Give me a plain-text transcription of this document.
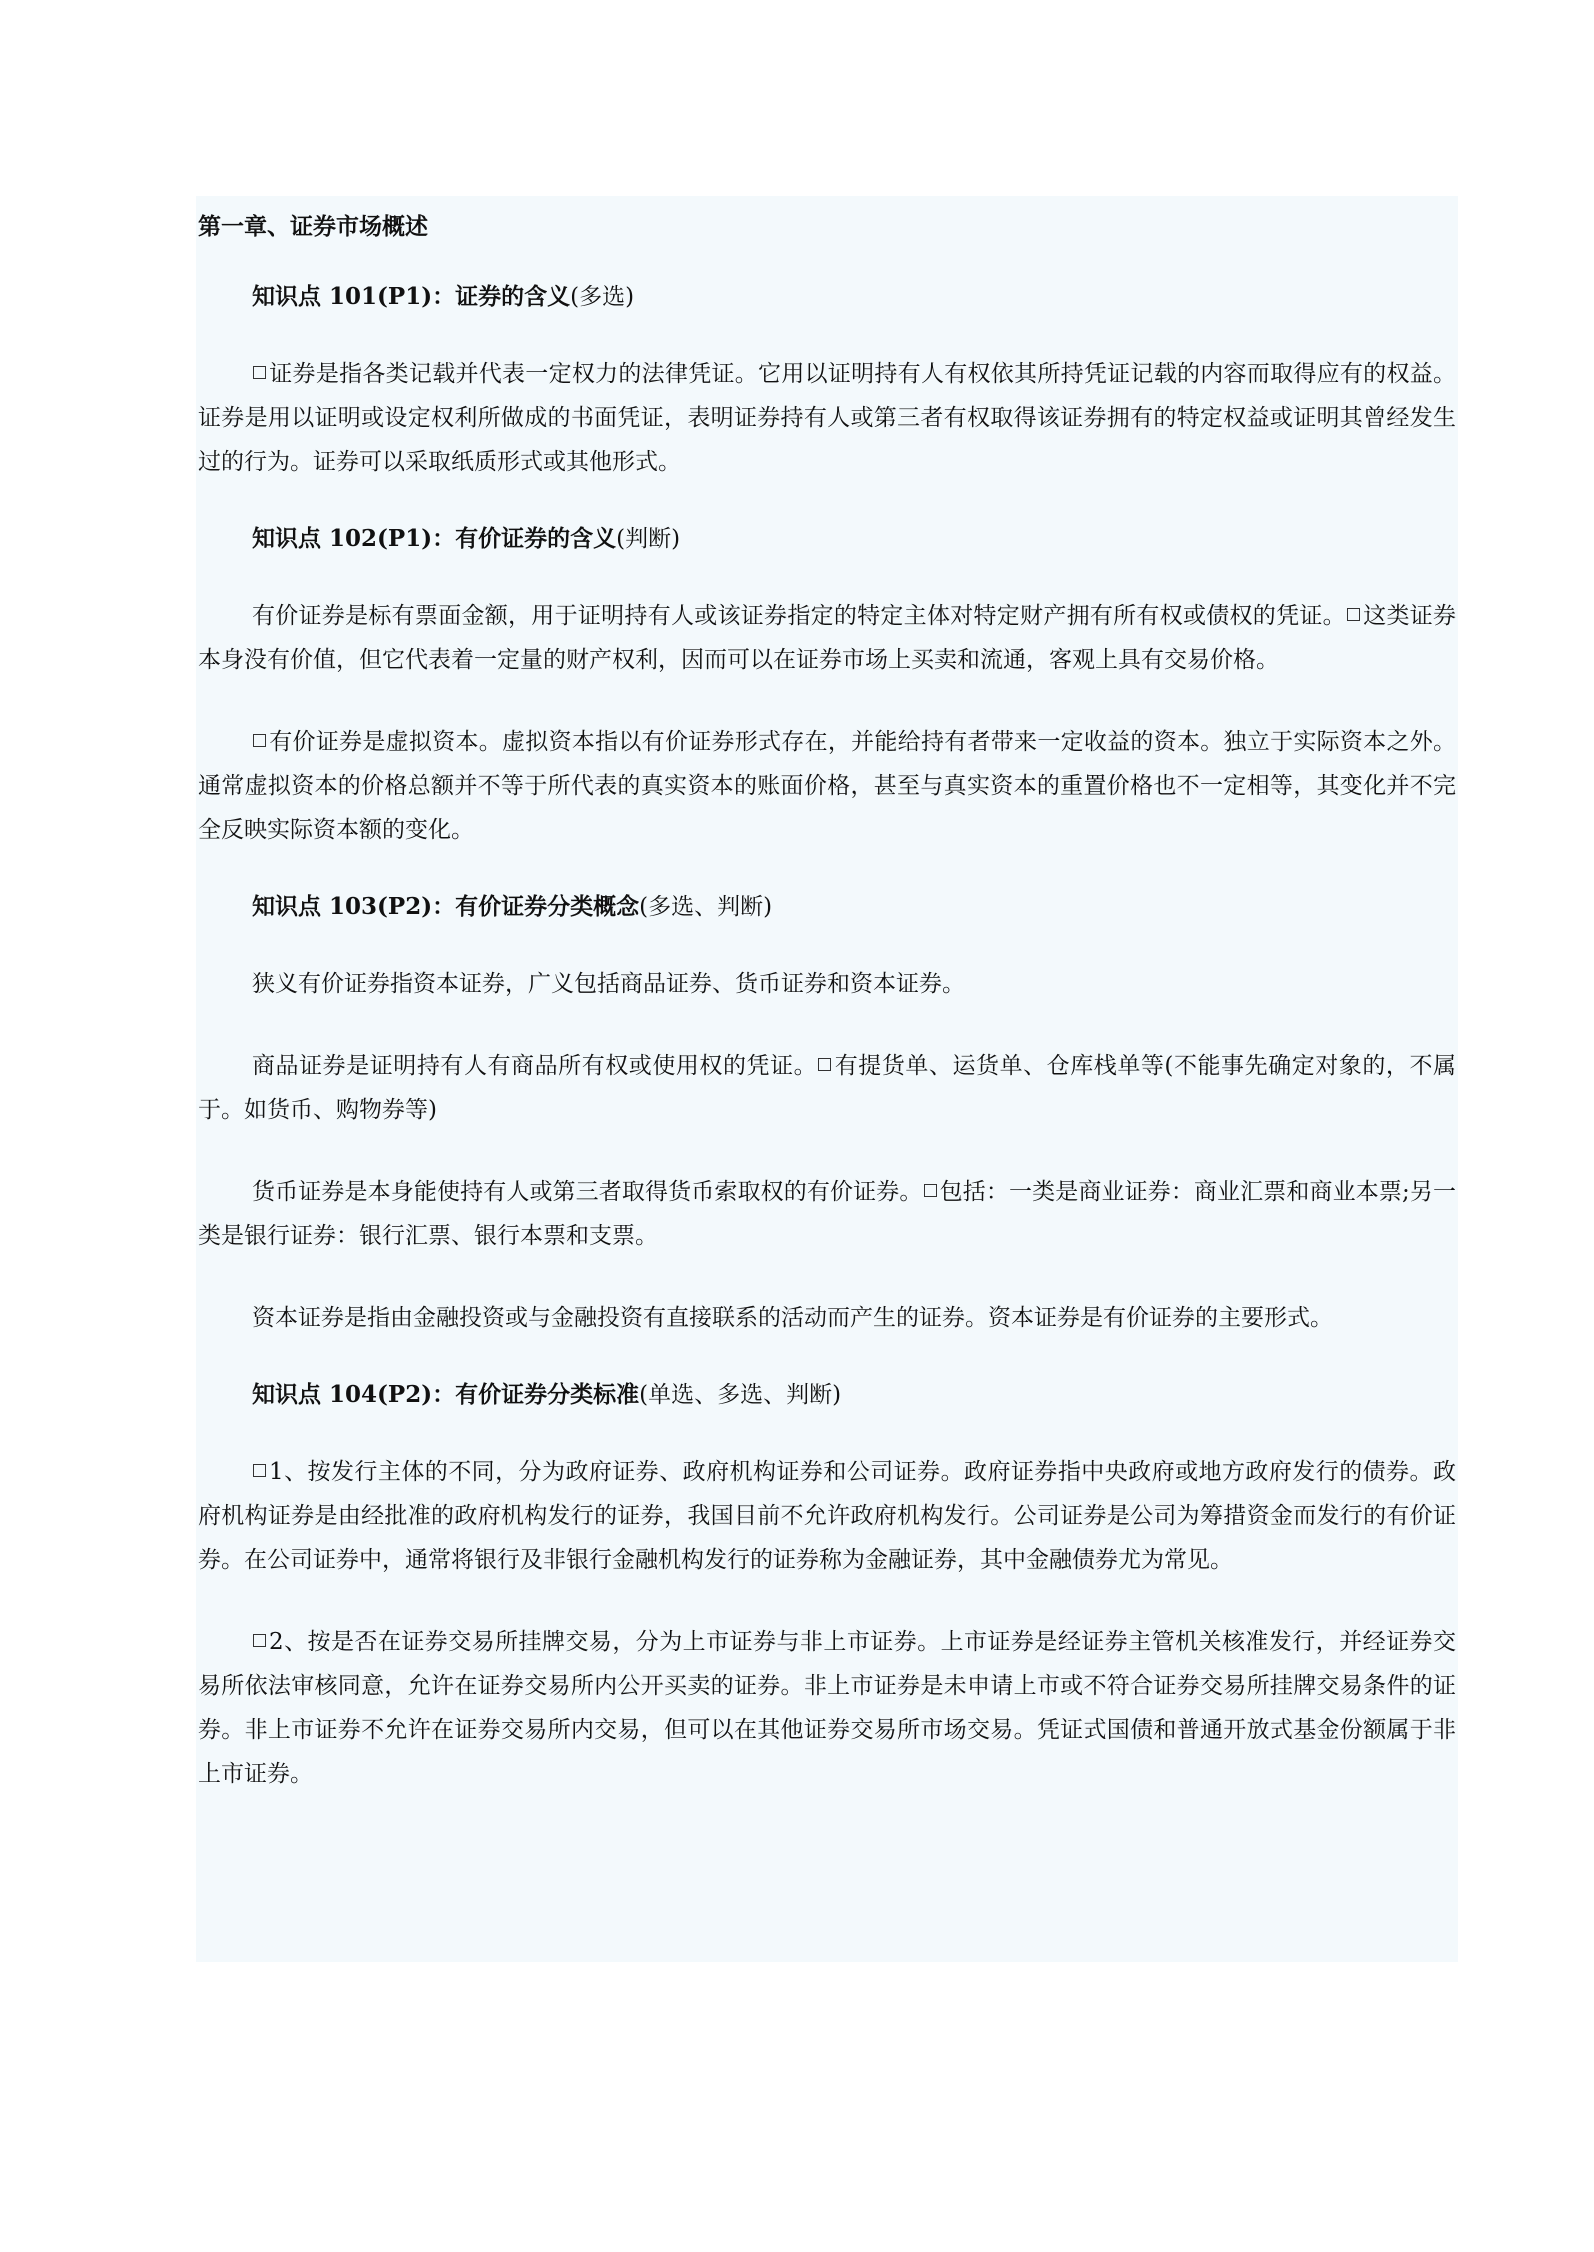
第一章、证券市场概述
知识点 101(P1)：证券的含义(多选)

证券是指各类记载并代表一定权力的法律凭证。它用以证明持有人有权依其所持凭证记载的内容而取得应有的权益。证券是用以证明或设定权利所做成的书面凭证，表明证券持有人或第三者有权取得该证券拥有的特定权益或证明其曾经发生过的行为。证券可以采取纸质形式或其他形式。

知识点 102(P1)：有价证券的含义(判断)

有价证券是标有票面金额，用于证明持有人或该证券指定的特定主体对特定财产拥有所有权或债权的凭证。 这类证券本身没有价值，但它代表着一定量的财产权利，因而可以在证券市场上买卖和流通，客观上具有交易价格。

有价证券是虚拟资本。虚拟资本指以有价证券形式存在，并能给持有者带来一定收益的资本。独立于实际资本之外。通常虚拟资本的价格总额并不等于所代表的真实资本的账面价格，甚至与真实资本的重置价格也不一定相等，其变化并不完全反映实际资本额的变化。

知识点 103(P2)：有价证券分类概念(多选、判断)

狭义有价证券指资本证券，广义包括商品证券、货币证券和资本证券。

商品证券是证明持有人有商品所有权或使用权的凭证。 有提货单、运货单、仓库栈单等(不能事先确定对象的，不属于。如货币、购物券等)

货币证券是本身能使持有人或第三者取得货币索取权的有价证券。 包括：一类是商业证券：商业汇票和商业本票;另一类是银行证券：银行汇票、银行本票和支票。

资本证券是指由金融投资或与金融投资有直接联系的活动而产生的证券。资本证券是有价证券的主要形式。

知识点 104(P2)：有价证券分类标准(单选、多选、判断)

1、按发行主体的不同，分为政府证券、政府机构证券和公司证券。政府证券指中央政府或地方政府发行的债券。政府机构证券是由经批准的政府机构发行的证券，我国目前不允许政府机构发行。公司证券是公司为筹措资金而发行的有价证券。在公司证券中，通常将银行及非银行金融机构发行的证券称为金融证券，其中金融债券尤为常见。

2、按是否在证券交易所挂牌交易，分为上市证券与非上市证券。上市证券是经证券主管机关核准发行，并经证券交易所依法审核同意，允许在证券交易所内公开买卖的证券。非上市证券是未申请上市或不符合证券交易所挂牌交易条件的证券。非上市证券不允许在证券交易所内交易，但可以在其他证券交易所市场交易。凭证式国债和普通开放式基金份额属于非上市证券。
